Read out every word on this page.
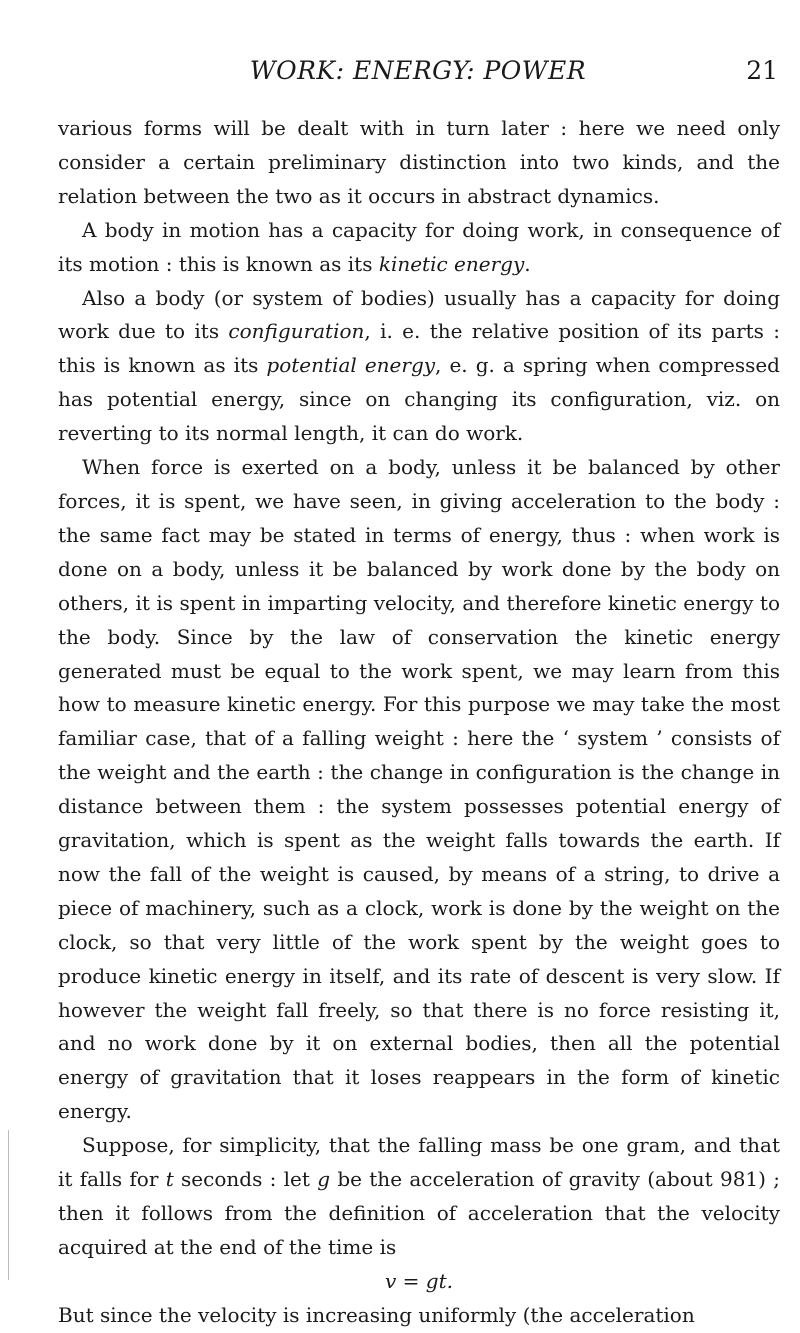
WORK: ENERGY: POWER	21

various forms will be dealt with in turn later : here we need only consider a certain preliminary distinction into two kinds, and the relation between the two as it occurs in abstract dynamics.

A body in motion has a capacity for doing work, in consequence of its motion : this is known as its kinetic energy.

Also a body (or system of bodies) usually has a capacity for doing work due to its configuration, i. e. the relative position of its parts : this is known as its potential energy, e. g. a spring when compressed has potential energy, since on changing its configuration, viz. on reverting to its normal length, it can do work.

When force is exerted on a body, unless it be balanced by other forces, it is spent, we have seen, in giving acceleration to the body : the same fact may be stated in terms of energy, thus : when work is done on a body, unless it be balanced by work done by the body on others, it is spent in imparting velocity, and therefore kinetic energy to the body. Since by the law of conservation the kinetic energy generated must be equal to the work spent, we may learn from this how to measure kinetic energy. For this purpose we may take the most familiar case, that of a falling weight : here the ‘ system ’ consists of the weight and the earth : the change in configuration is the change in distance between them : the system possesses potential energy of gravitation, which is spent as the weight falls towards the earth. If now the fall of the weight is caused, by means of a string, to drive a piece of machinery, such as a clock, work is done by the weight on the clock, so that very little of the work spent by the weight goes to produce kinetic energy in itself, and its rate of descent is very slow. If however the weight fall freely, so that there is no force resisting it, and no work done by it on external bodies, then all the potential energy of gravitation that it loses reappears in the form of kinetic energy.

Suppose, for simplicity, that the falling mass be one gram, and that it falls for t seconds : let g be the acceleration of gravity (about 981) ; then it follows from the definition of acceleration that the velocity acquired at the end of the time is

v = gt.

But since the velocity is increasing uniformly (the acceleration
